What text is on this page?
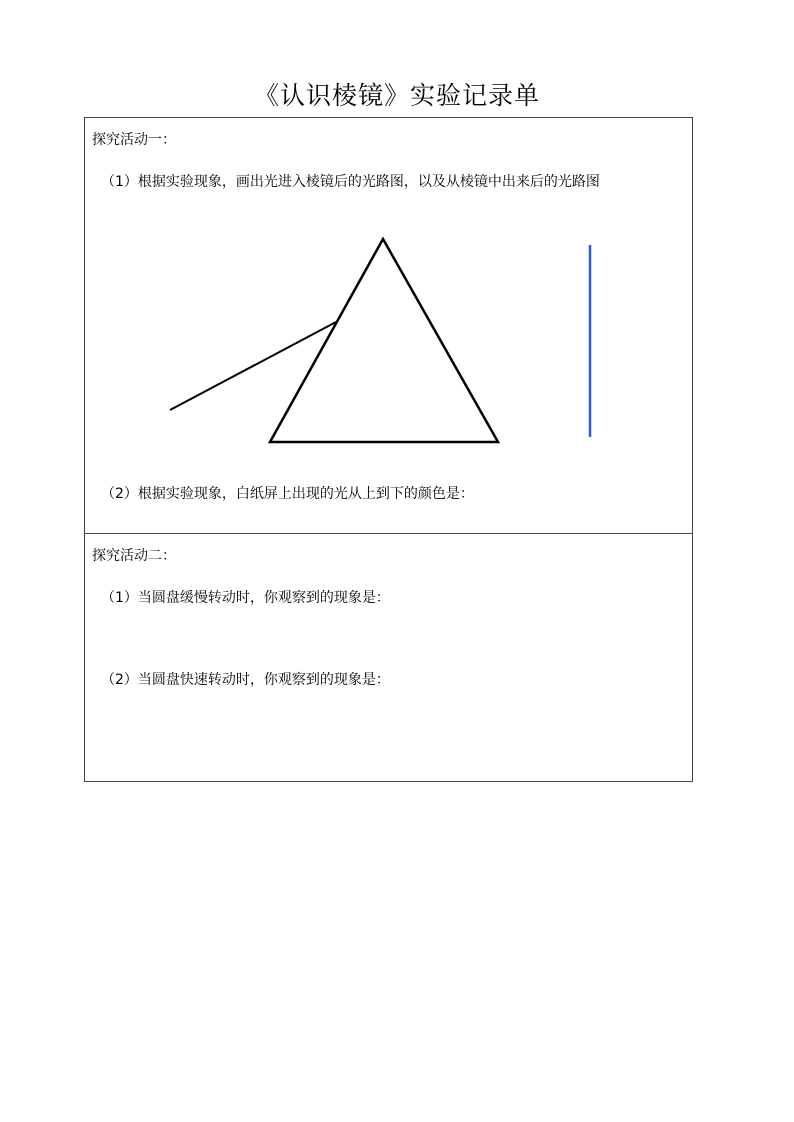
《认识棱镜》实验记录单
探究活动一：
（1）根据实验现象，画出光进入棱镜后的光路图，以及从棱镜中出来后的光路图
（2）根据实验现象，白纸屏上出现的光从上到下的颜色是：
探究活动二：
（1）当圆盘缓慢转动时，你观察到的现象是：
（2）当圆盘快速转动时，你观察到的现象是：
